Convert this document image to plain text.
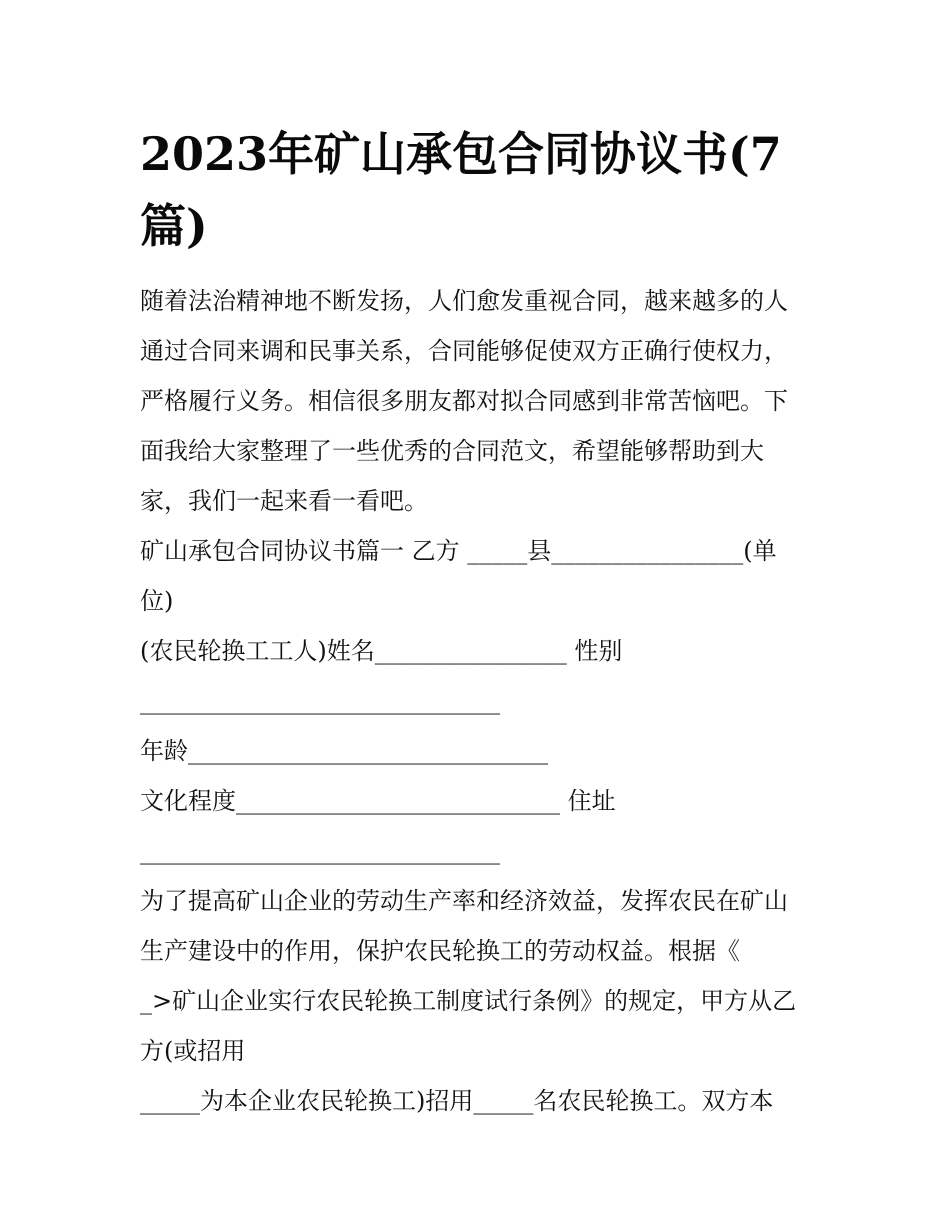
2023年矿山承包合同协议书(7
篇)
随着法治精神地不断发扬，人们愈发重视合同，越来越多的人
通过合同来调和民事关系，合同能够促使双方正确行使权力，
严格履行义务。相信很多朋友都对拟合同感到非常苦恼吧。下
面我给大家整理了一些优秀的合同范文，希望能够帮助到大
家，我们一起来看一看吧。
矿山承包合同协议书篇一 乙方 _____县________________(单
位)
(农民轮换工工人)姓名________________ 性别
______________________________
年龄______________________________
文化程度___________________________ 住址
______________________________
为了提高矿山企业的劳动生产率和经济效益，发挥农民在矿山
生产建设中的作用，保护农民轮换工的劳动权益。根据《
_>矿山企业实行农民轮换工制度试行条例》的规定，甲方从乙
方(或招用
_____为本企业农民轮换工)招用_____名农民轮换工。双方本
